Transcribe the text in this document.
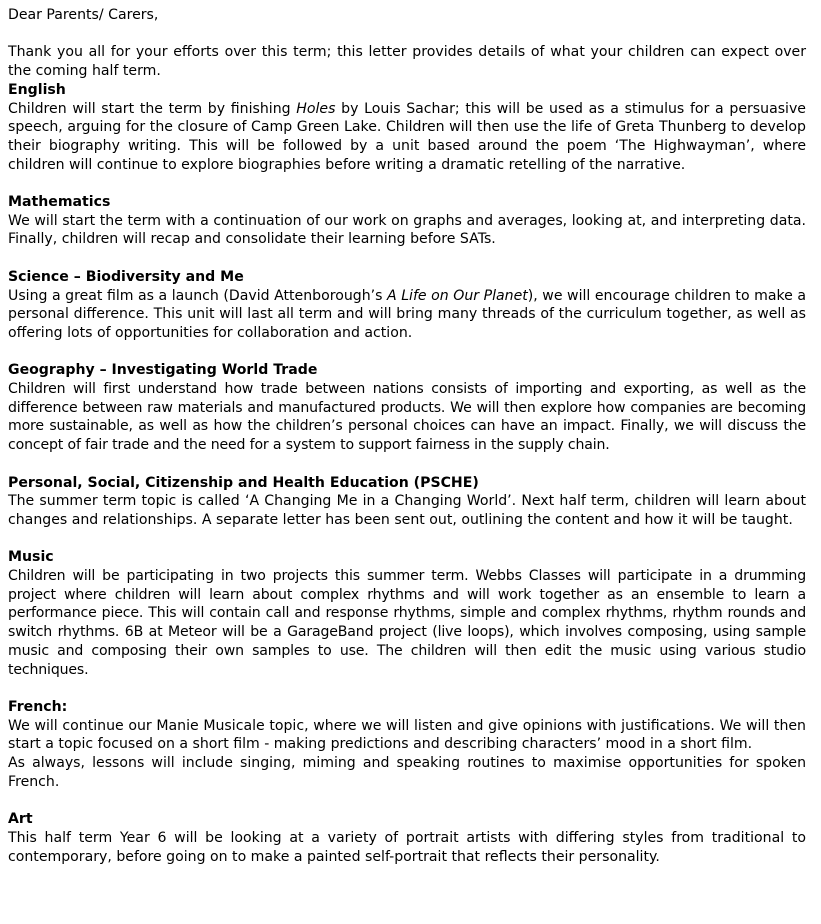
Dear Parents/ Carers,

Thank you all for your efforts over this term; this letter provides details of what your children can expect over the coming half term.

English

Children will start the term by finishing Holes by Louis Sachar; this will be used as a stimulus for a persuasive speech, arguing for the closure of Camp Green Lake. Children will then use the life of Greta Thunberg to develop their biography writing. This will be followed by a unit based around the poem ‘The Highwayman’, where children will continue to explore biographies before writing a dramatic retelling of the narrative.

Mathematics

We will start the term with a continuation of our work on graphs and averages, looking at, and interpreting data. Finally, children will recap and consolidate their learning before SATs.

Science – Biodiversity and Me

Using a great film as a launch (David Attenborough’s A Life on Our Planet), we will encourage children to make a personal difference. This unit will last all term and will bring many threads of the curriculum together, as well as offering lots of opportunities for collaboration and action.

Geography – Investigating World Trade

Children will first understand how trade between nations consists of importing and exporting, as well as the difference between raw materials and manufactured products. We will then explore how companies are becoming more sustainable, as well as how the children’s personal choices can have an impact. Finally, we will discuss the concept of fair trade and the need for a system to support fairness in the supply chain.

Personal, Social, Citizenship and Health Education (PSCHE)

The summer term topic is called ‘A Changing Me in a Changing World’. Next half term, children will learn about changes and relationships. A separate letter has been sent out, outlining the content and how it will be taught.

Music

Children will be participating in two projects this summer term. Webbs Classes will participate in a drumming project where children will learn about complex rhythms and will work together as an ensemble to learn a performance piece. This will contain call and response rhythms, simple and complex rhythms, rhythm rounds and switch rhythms. 6B at Meteor will be a GarageBand project (live loops), which involves composing, using sample music and composing their own samples to use. The children will then edit the music using various studio techniques.

French:

We will continue our Manie Musicale topic, where we will listen and give opinions with justifications. We will then start a topic focused on a short film - making predictions and describing characters’ mood in a short film.

As always, lessons will include singing, miming and speaking routines to maximise opportunities for spoken French.

Art

This half term Year 6 will be looking at a variety of portrait artists with differing styles from traditional to contemporary, before going on to make a painted self-portrait that reflects their personality.
